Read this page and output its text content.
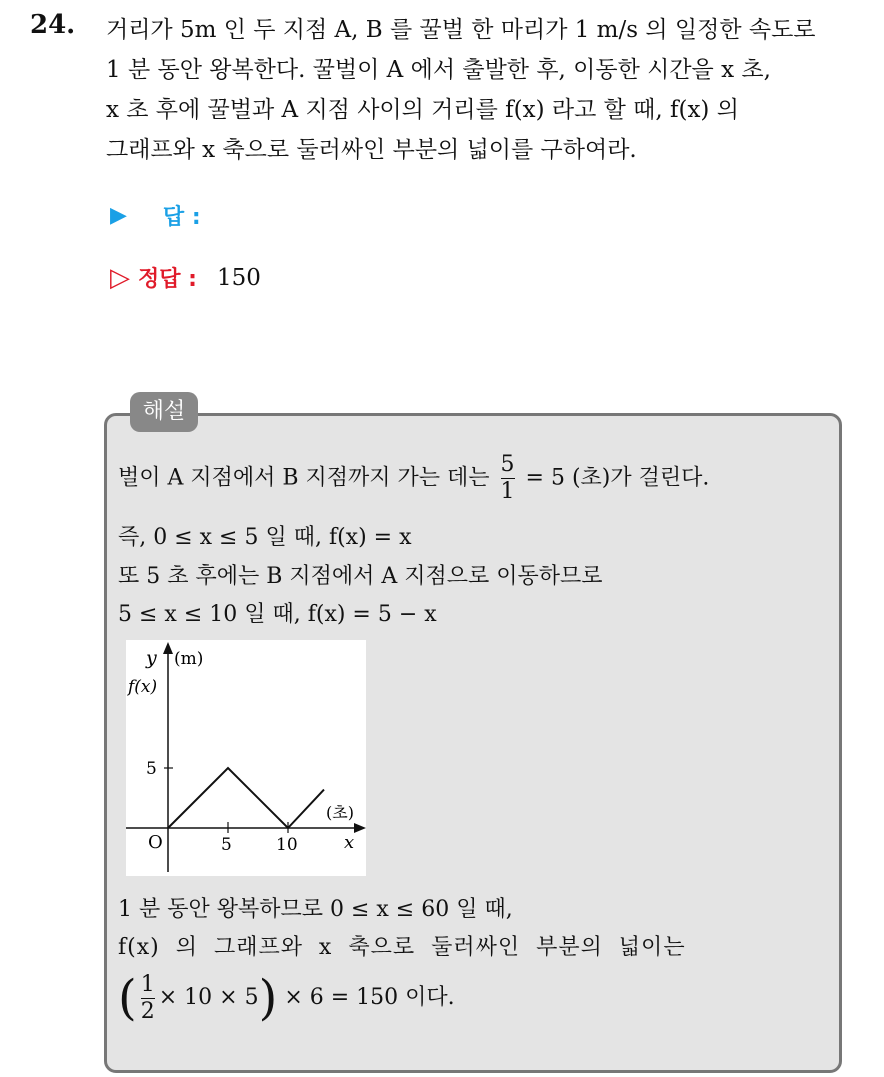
24. 거리가 5m 인 두 지점 A, B 를 꿀벌 한 마리가 1 m/s 의 일정한 속도로
1 분 동안 왕복한다. 꿀벌이 A 에서 출발한 후, 이동한 시간을 x 초,
x 초 후에 꿀벌과 A 지점 사이의 거리를 f(x) 라고 할 때, f(x) 의
그래프와 x 축으로 둘러싸인 부분의 넓이를 구하여라.
▶ 답 :
▷ 정답 : 150
해설
벌이 A 지점에서 B 지점까지 가는 데는 $\frac{5}{1} = 5$ (초)가 걸린다.
즉, 0 ≤ x ≤ 5 일 때, f(x) = x
또 5 초 후에는 B 지점에서 A 지점으로 이동하므로
5 ≤ x ≤ 10 일 때, f(x) = 5 − x
y (m)
f(x)
5
O	5	10
(초)
x
1 분 동안 왕복하므로 0 ≤ x ≤ 60 일 때,
f(x)  의  그래프와  x  축으로  둘러싸인  부분의  넓이는
( $\frac{1}{2} \times 10 \times 5) \times 6 = 150$ 이다.
